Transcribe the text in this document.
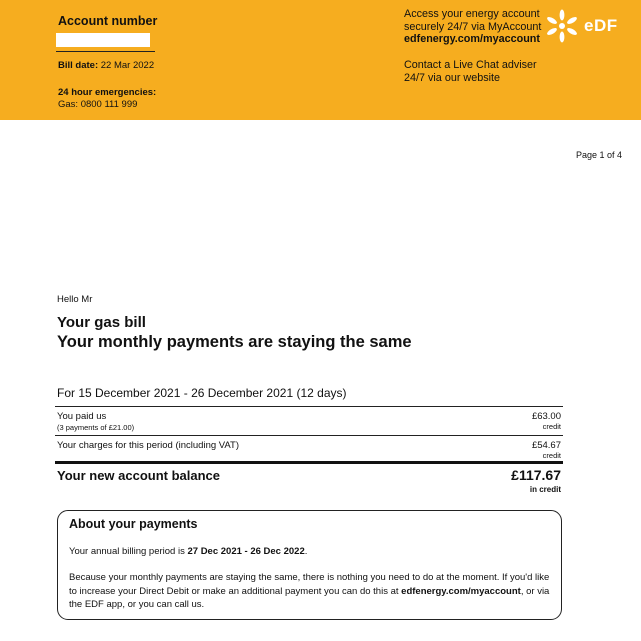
Account number
Bill date: 22 Mar 2022
24 hour emergencies:
Gas: 0800 111 999
Access your energy account
securely 24/7 via MyAccount
edfenergy.com/myaccount
Contact a Live Chat adviser
24/7 via our website
eDF
Page 1 of 4
Hello Mr
Your gas bill
Your monthly payments are staying the same
For 15 December 2021 - 26 December 2021 (12 days)
You paid us
(3 payments of £21.00)
£63.00
credit
Your charges for this period (including VAT)	£54.67
credit
Your new account balance	£117.67
in credit
About your payments
Your annual billing period is 27 Dec 2021 - 26 Dec 2022.
Because your monthly payments are staying the same, there is nothing you need to do at the moment. If you'd like to increase your Direct Debit or make an additional payment you can do this at edfenergy.com/myaccount, or via the EDF app, or you can call us.
